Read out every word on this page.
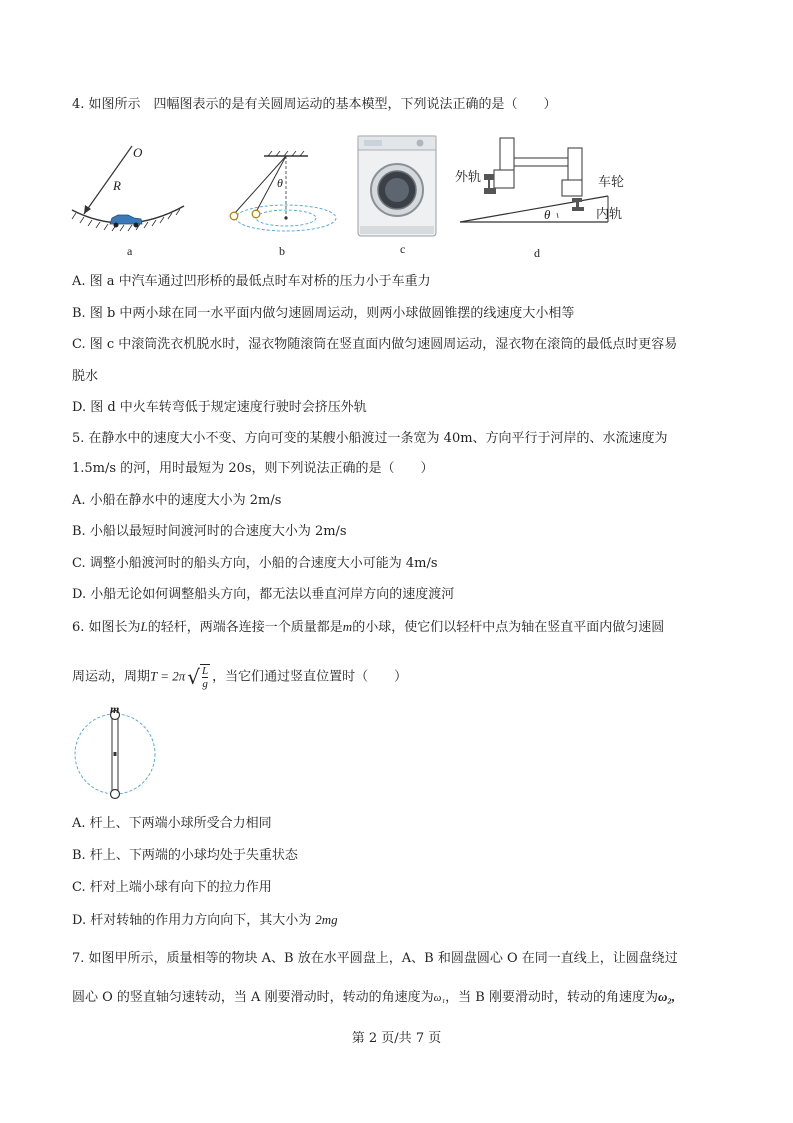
4. 如图所示　四幅图表示的是有关圆周运动的基本模型，下列说法正确的是（　　）
O
R
a
θ
b	c
外轨	车轮
内轨
θ
d
A. 图 a 中汽车通过凹形桥的最低点时车对桥的压力小于车重力
B. 图 b 中两小球在同一水平面内做匀速圆周运动，则两小球做圆锥摆的线速度大小相等
C. 图 c 中滚筒洗衣机脱水时，湿衣物随滚筒在竖直面内做匀速圆周运动，湿衣物在滚筒的最低点时更容易
脱水
D. 图 d 中火车转弯低于规定速度行驶时会挤压外轨
5. 在静水中的速度大小不变、方向可变的某艘小船渡过一条宽为 40m、方向平行于河岸的、水流速度为
1.5m/s 的河，用时最短为 20s，则下列说法正确的是（　　）
A. 小船在静水中的速度大小为 2m/s
B. 小船以最短时间渡河时的合速度大小为 2m/s
C. 调整小船渡河时的船头方向，小船的合速度大小可能为 4m/s
D. 小船无论如何调整船头方向，都无法以垂直河岸方向的速度渡河
6. 如图长为L的轻杆，两端各连接一个质量都是m的小球，使它们以轻杆中点为轴在竖直平面内做匀速圆
周运动，周期T = 2π √ $\frac{L}{g}$ ，当它们通过竖直位置时（　　）
m
A. 杆上、下两端小球所受合力相同
B. 杆上、下两端的小球均处于失重状态
C. 杆对上端小球有向下的拉力作用
D. 杆对转轴的作用力方向向下，其大小为 2mg
7. 如图甲所示，质量相等的物块 A、B 放在水平圆盘上，A、B 和圆盘圆心 O 在同一直线上，让圆盘绕过
圆心 O 的竖直轴匀速转动，当 A 刚要滑动时，转动的角速度为ω₁，当 B 刚要滑动时，转动的角速度为ω₂,
第 2 页/共 7 页
